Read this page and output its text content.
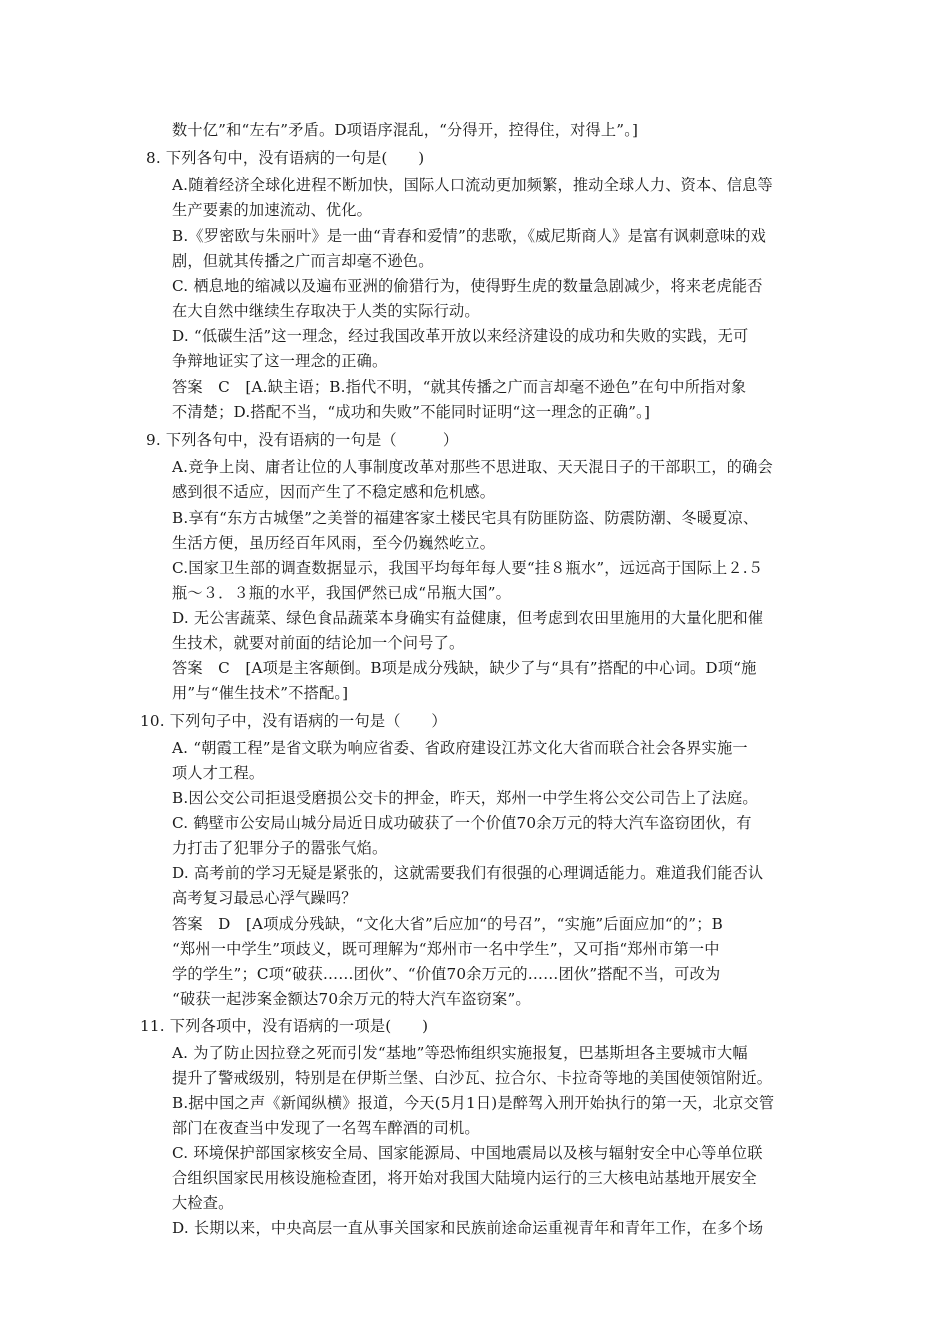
数十亿”和“左右”矛盾。D项语序混乱，“分得开，控得住，对得上”。]
8. 下列各句中，没有语病的一句是(　　)
A.随着经济全球化进程不断加快，国际人口流动更加频繁，推动全球人力、资本、信息等
生产要素的加速流动、优化。
B.《罗密欧与朱丽叶》是一曲“青春和爱情”的悲歌，《威尼斯商人》是富有讽刺意味的戏
剧，但就其传播之广而言却毫不逊色。
C. 栖息地的缩减以及遍布亚洲的偷猎行为，使得野生虎的数量急剧减少，将来老虎能否
在大自然中继续生存取决于人类的实际行动。
D. “低碳生活”这一理念，经过我国改革开放以来经济建设的成功和失败的实践，无可
争辩地证实了这一理念的正确。
答案　C　[A.缺主语；B.指代不明，“就其传播之广而言却毫不逊色”在句中所指对象
不清楚；D.搭配不当，“成功和失败”不能同时证明“这一理念的正确”。]
9. 下列各句中，没有语病的一句是（　　　）
A.竞争上岗、庸者让位的人事制度改革对那些不思进取、天天混日子的干部职工，的确会
感到很不适应，因而产生了不稳定感和危机感。
B.享有“东方古城堡”之美誉的福建客家土楼民宅具有防匪防盗、防震防潮、冬暖夏凉、
生活方便，虽历经百年风雨，至今仍巍然屹立。
C.国家卫生部的调查数据显示，我国平均每年每人要“挂８瓶水”，远远高于国际上２.５
瓶～３．３瓶的水平，我国俨然已成“吊瓶大国”。
D. 无公害蔬菜、绿色食品蔬菜本身确实有益健康，但考虑到农田里施用的大量化肥和催
生技术，就要对前面的结论加一个问号了。
答案　C　[A项是主客颠倒。B项是成分残缺，缺少了与“具有”搭配的中心词。D项“施
用”与“催生技术”不搭配。]
10. 下列句子中，没有语病的一句是（　　）
A. “朝霞工程”是省文联为响应省委、省政府建设江苏文化大省而联合社会各界实施一
项人才工程。
B.因公交公司拒退受磨损公交卡的押金，昨天，郑州一中学生将公交公司告上了法庭。
C. 鹤壁市公安局山城分局近日成功破获了一个价值70余万元的特大汽车盗窃团伙，有
力打击了犯罪分子的嚣张气焰。
D. 高考前的学习无疑是紧张的，这就需要我们有很强的心理调适能力。难道我们能否认
高考复习最忌心浮气躁吗？
答案　D　[A项成分残缺，“文化大省”后应加“的号召”，“实施”后面应加“的”；B
“郑州一中学生”项歧义，既可理解为“郑州市一名中学生”，又可指“郑州市第一中
学的学生”；C项“破获……团伙”、“价值70余万元的……团伙”搭配不当，可改为
“破获一起涉案金额达70余万元的特大汽车盗窃案”。
11. 下列各项中，没有语病的一项是(　　)
A. 为了防止因拉登之死而引发“基地”等恐怖组织实施报复，巴基斯坦各主要城市大幅
提升了警戒级别，特别是在伊斯兰堡、白沙瓦、拉合尔、卡拉奇等地的美国使领馆附近。
B.据中国之声《新闻纵横》报道，今天(5月1日)是醉驾入刑开始执行的第一天，北京交管
部门在夜查当中发现了一名驾车醉酒的司机。
C. 环境保护部国家核安全局、国家能源局、中国地震局以及核与辐射安全中心等单位联
合组织国家民用核设施检查团，将开始对我国大陆境内运行的三大核电站基地开展安全
大检查。
D. 长期以来，中央高层一直从事关国家和民族前途命运重视青年和青年工作，在多个场
